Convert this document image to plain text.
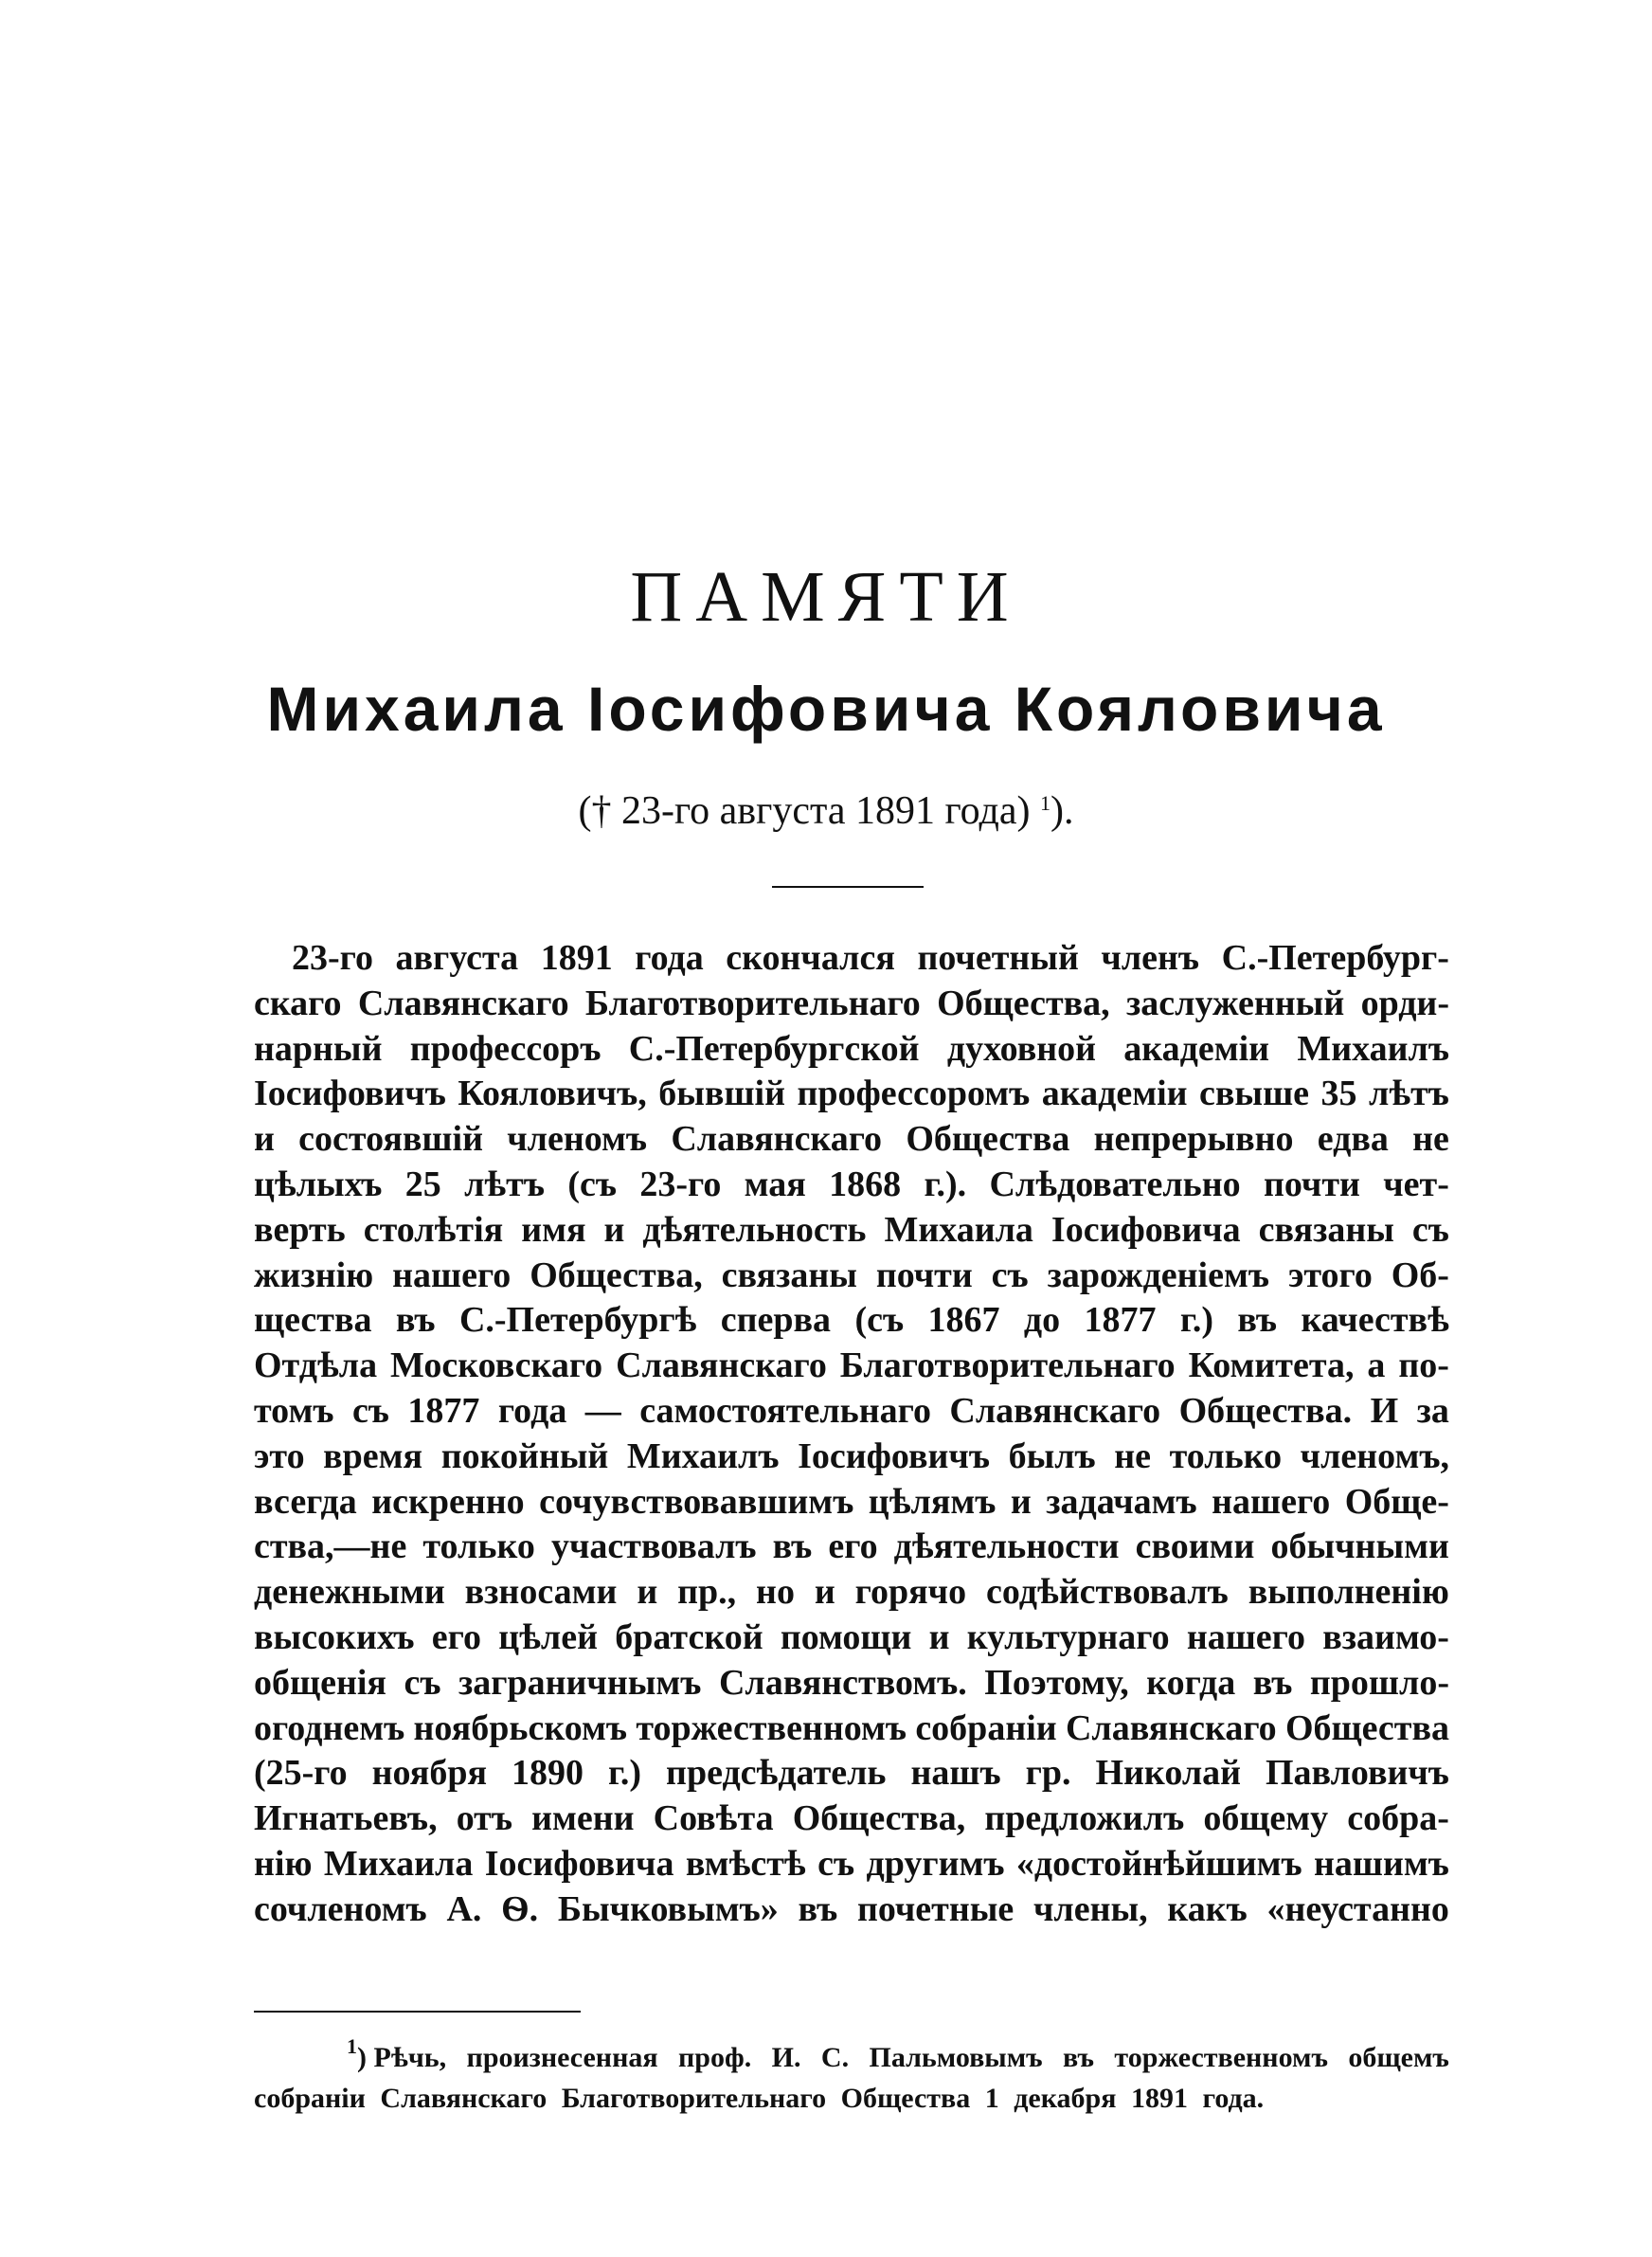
ПАМЯТИ
Михаила Іосифовича Кояловича
(† 23-го августа 1891 года) $^1$).
23-го августа 1891 года скончался почетный членъ С.-Петербург-
скаго Славянскаго Благотворительнаго Общества, заслуженный орди-
нарный профессоръ С.-Петербургской духовной академіи Михаилъ
Іосифовичъ Кояловичъ, бывшій профессоромъ академіи свыше 35 лѣтъ
и состоявшій членомъ Славянскаго Общества непрерывно едва не
цѣлыхъ 25 лѣтъ (съ 23-го мая 1868 г.). Слѣдовательно почти чет-
верть столѣтія имя и дѣятельность Михаила Іосифовича связаны съ
жизнію нашего Общества, связаны почти съ зарожденіемъ этого Об-
щества въ С.-Петербургѣ сперва (съ 1867 до 1877 г.) въ качествѣ
Отдѣла Московскаго Славянскаго Благотворительнаго Комитета, а по-
томъ съ 1877 года — самостоятельнаго Славянскаго Общества. И за
это время покойный Михаилъ Іосифовичъ былъ не только членомъ,
всегда искренно сочувствовавшимъ цѣлямъ и задачамъ нашего Обще-
ства,—не только участвовалъ въ его дѣятельности своими обычными
денежными взносами и пр., но и горячо содѣйствовалъ выполненію
высокихъ его цѣлей братской помощи и культурнаго нашего взаимо-
общенія съ заграничнымъ Славянствомъ. Поэтому, когда въ прошло-
огоднемъ ноябрьскомъ торжественномъ собраніи Славянскаго Общества
(25-го ноября 1890 г.) предсѣдатель нашъ гр. Николай Павловичъ
Игнатьевъ, отъ имени Совѣта Общества, предложилъ общему собра-
нію Михаила Іосифовича вмѣстѣ съ другимъ «достойнѣйшимъ нашимъ
сочленомъ А. Ѳ. Бычковымъ» въ почетные члены, какъ «неустанно
$^1$) Рѣчь, произнесенная проф. И. С. Пальмовымъ въ торжественномъ общемъ
собраніи Славянскаго Благотворительнаго Общества 1 декабря 1891 года.
